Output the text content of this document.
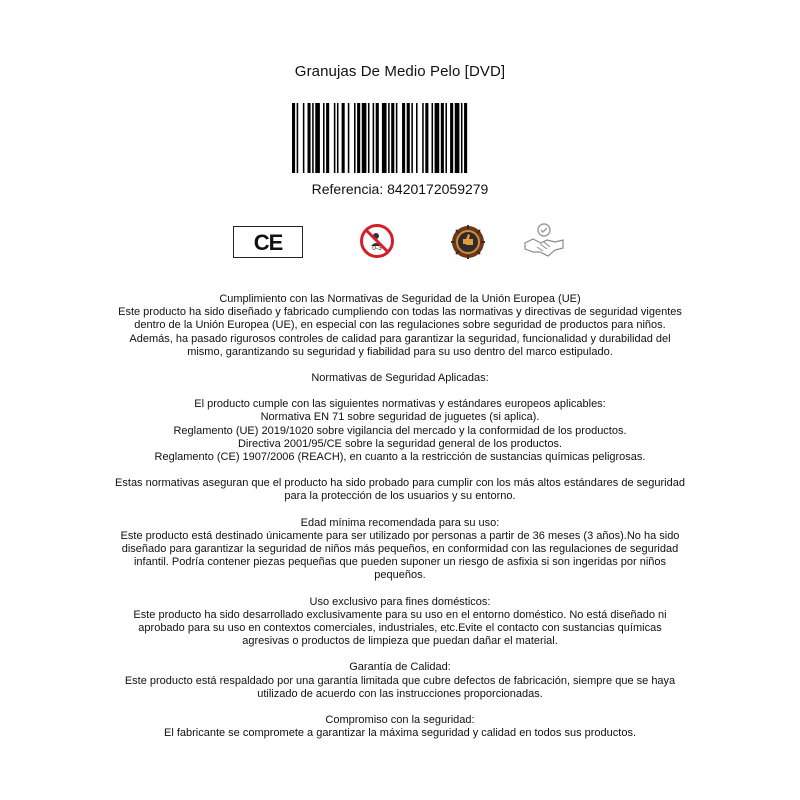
Granujas De Medio Pelo [DVD]
Referencia: 8420172059279
CE	0-3

Cumplimiento con las Normativas de Seguridad de la Unión Europea (UE)

Este producto ha sido diseñado y fabricado cumpliendo con todas las normativas y directivas de seguridad vigentes dentro de la Unión Europea (UE), en especial con las regulaciones sobre seguridad de productos para niños. Además, ha pasado rigurosos controles de calidad para garantizar la seguridad, funcionalidad y durabilidad del mismo, garantizando su seguridad y fiabilidad para su uso dentro del marco estipulado.

Normativas de Seguridad Aplicadas:

El producto cumple con las siguientes normativas y estándares europeos aplicables:

Normativa EN 71 sobre seguridad de juguetes (si aplica).

Reglamento (UE) 2019/1020 sobre vigilancia del mercado y la conformidad de los productos.

Directiva 2001/95/CE sobre la seguridad general de los productos.

Reglamento (CE) 1907/2006 (REACH), en cuanto a la restricción de sustancias químicas peligrosas.

Estas normativas aseguran que el producto ha sido probado para cumplir con los más altos estándares de seguridad para la protección de los usuarios y su entorno.

Edad mínima recomendada para su uso:

Este producto está destinado únicamente para ser utilizado por personas a partir de 36 meses (3 años).No ha sido diseñado para garantizar la seguridad de niños más pequeños, en conformidad con las regulaciones de seguridad infantil. Podría contener piezas pequeñas que pueden suponer un riesgo de asfixia si son ingeridas por niños pequeños.

Uso exclusivo para fines domésticos:

Este producto ha sido desarrollado exclusivamente para su uso en el entorno doméstico. No está diseñado ni aprobado para su uso en contextos comerciales, industriales, etc.Evite el contacto con sustancias químicas agresivas o productos de limpieza que puedan dañar el material.

Garantía de Calidad:

Este producto está respaldado por una garantía limitada que cubre defectos de fabricación, siempre que se haya utilizado de acuerdo con las instrucciones proporcionadas.

Compromiso con la seguridad:

El fabricante se compromete a garantizar la máxima seguridad y calidad en todos sus productos.
